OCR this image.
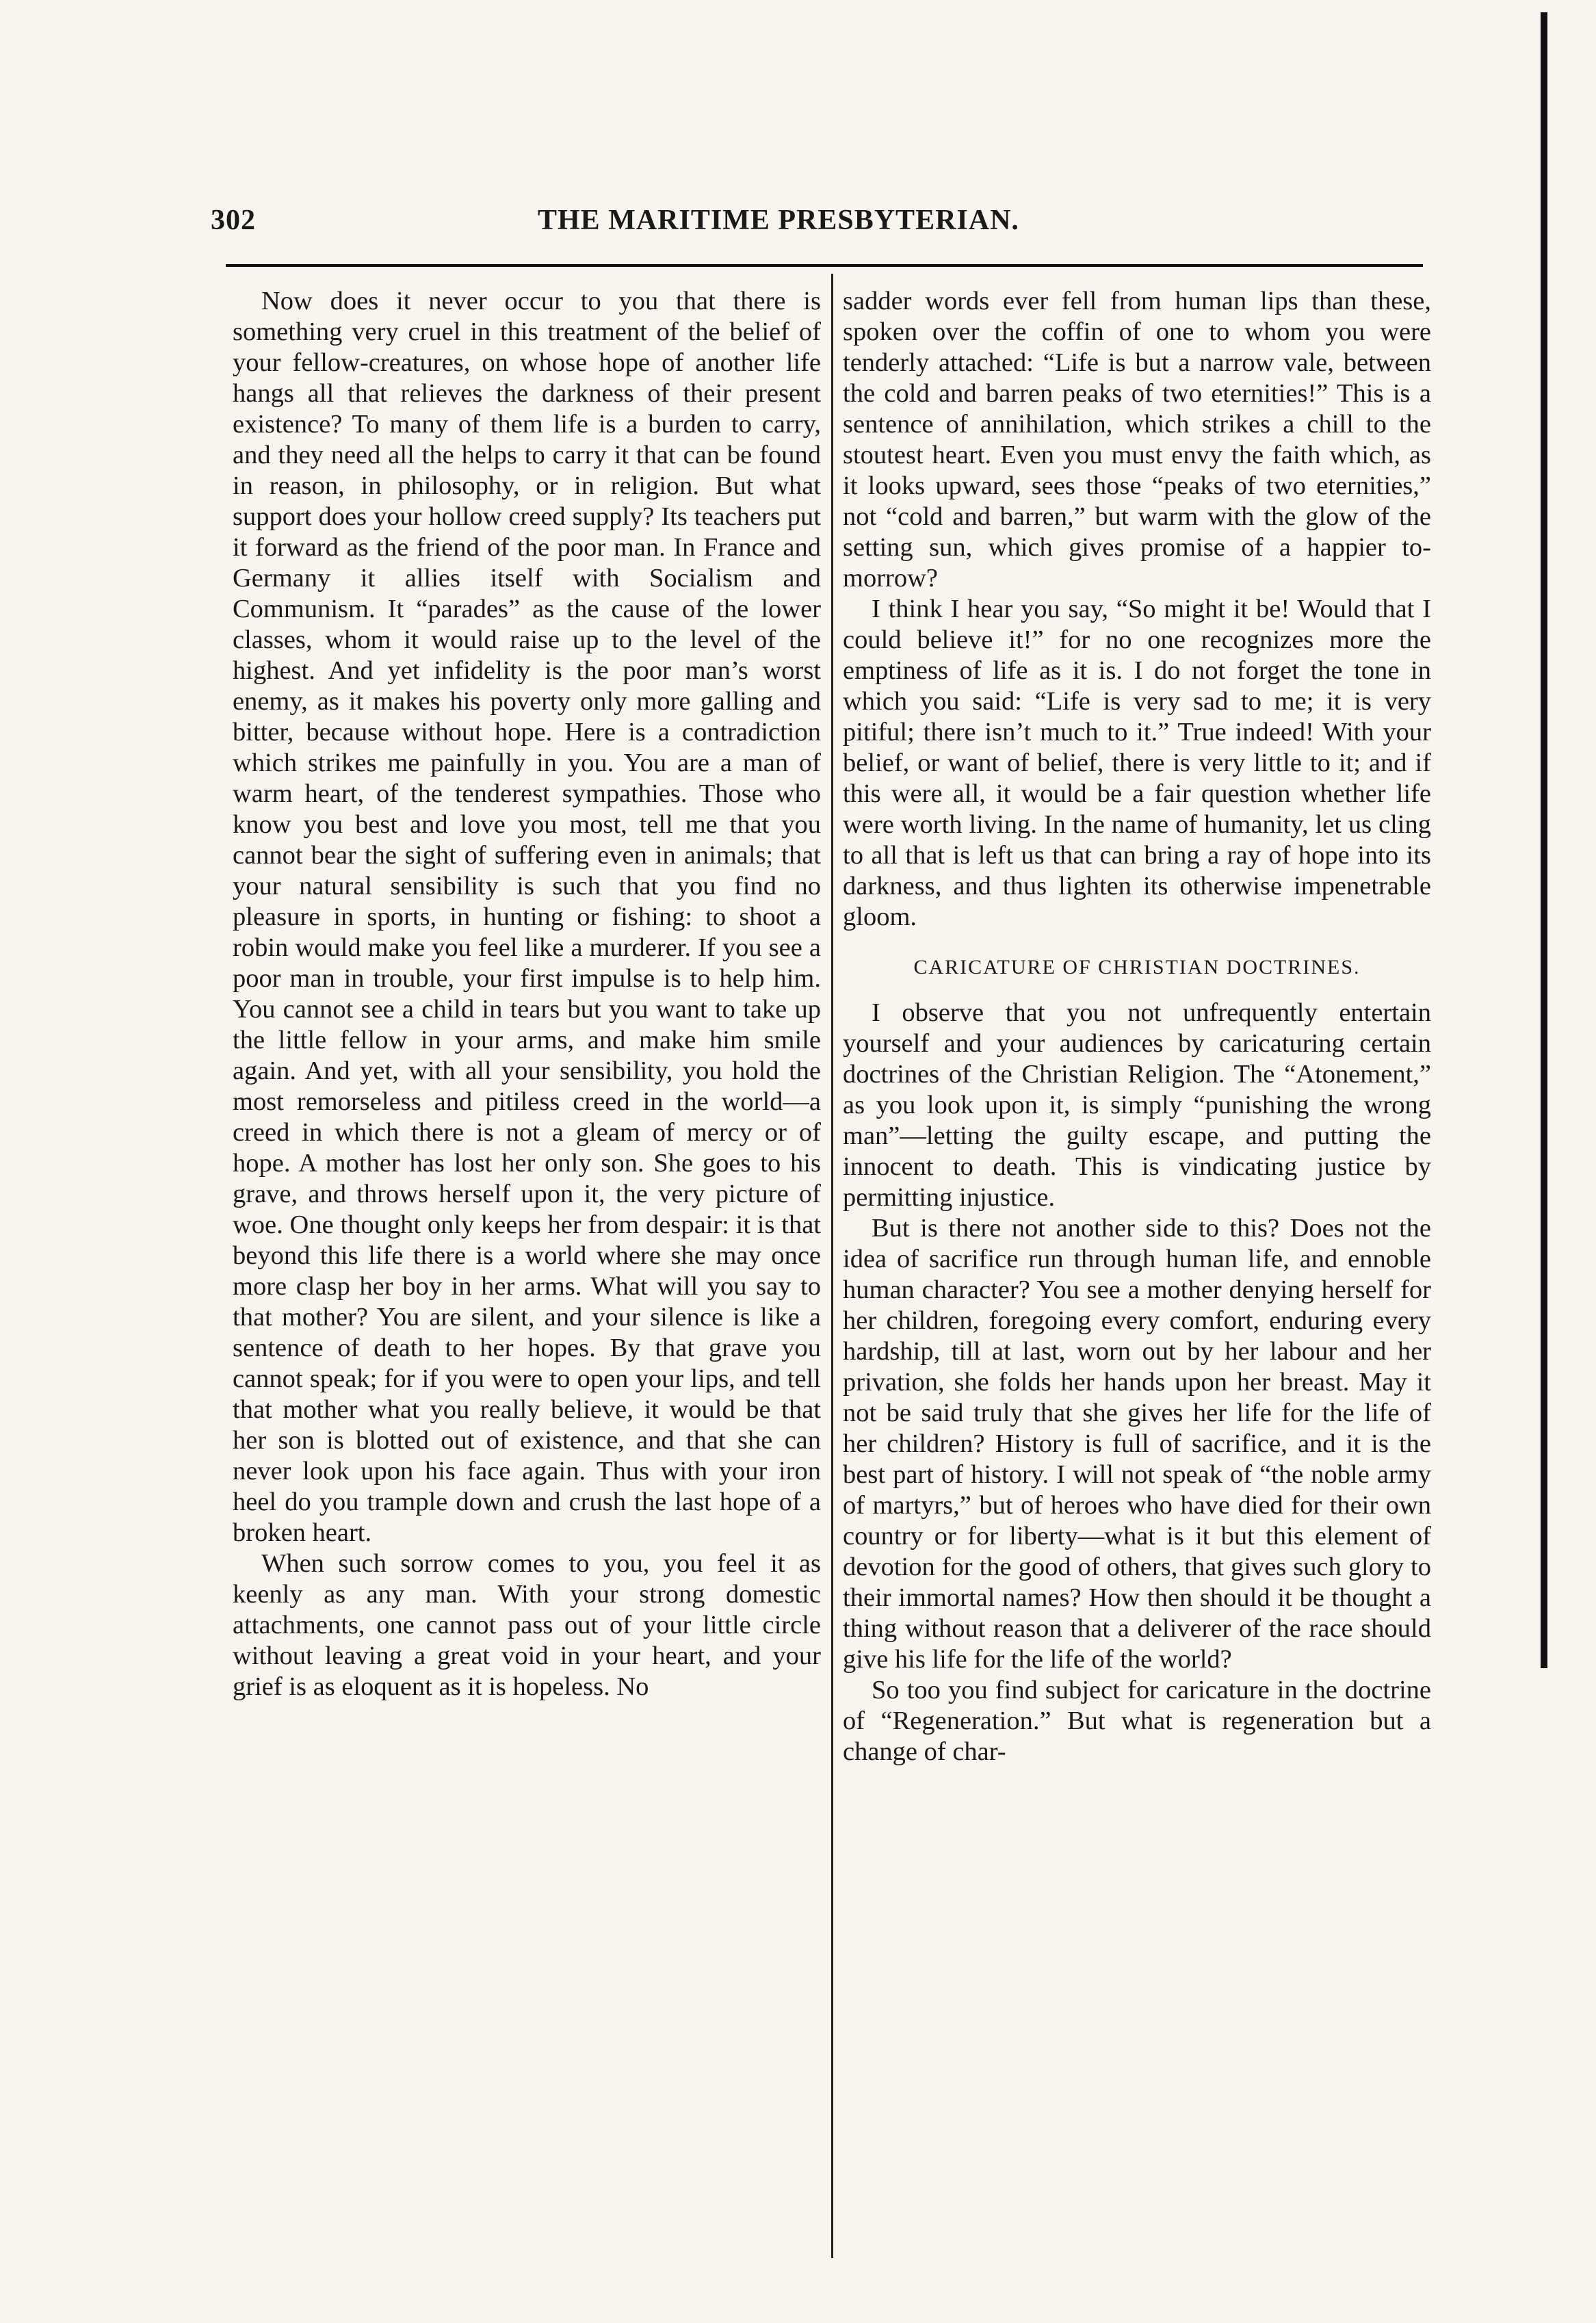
302	THE MARITIME PRESBYTERIAN.

Now does it never occur to you that there is something very cruel in this treatment of the belief of your fellow-creatures, on whose hope of another life hangs all that relieves the darkness of their present existence? To many of them life is a burden to carry, and they need all the helps to carry it that can be found in reason, in philosophy, or in religion. But what support does your hollow creed supply? Its teachers put it forward as the friend of the poor man. In France and Germany it allies itself with Socialism and Communism. It “parades” as the cause of the lower classes, whom it would raise up to the level of the highest. And yet infidelity is the poor man’s worst enemy, as it makes his poverty only more galling and bitter, because without hope. Here is a contradiction which strikes me painfully in you. You are a man of warm heart, of the tenderest sympathies. Those who know you best and love you most, tell me that you cannot bear the sight of suffering even in animals; that your natural sensibility is such that you find no pleasure in sports, in hunting or fishing: to shoot a robin would make you feel like a murderer. If you see a poor man in trouble, your first impulse is to help him. You cannot see a child in tears but you want to take up the little fellow in your arms, and make him smile again. And yet, with all your sensibility, you hold the most remorseless and pitiless creed in the world—a creed in which there is not a gleam of mercy or of hope. A mother has lost her only son. She goes to his grave, and throws herself upon it, the very picture of woe. One thought only keeps her from despair: it is that beyond this life there is a world where she may once more clasp her boy in her arms. What will you say to that mother? You are silent, and your silence is like a sentence of death to her hopes. By that grave you cannot speak; for if you were to open your lips, and tell that mother what you really believe, it would be that her son is blotted out of existence, and that she can never look upon his face again. Thus with your iron heel do you trample down and crush the last hope of a broken heart.

When such sorrow comes to you, you feel it as keenly as any man. With your strong domestic attachments, one cannot pass out of your little circle without leaving a great void in your heart, and your grief is as eloquent as it is hopeless. No

sadder words ever fell from human lips than these, spoken over the coffin of one to whom you were tenderly attached: “Life is but a narrow vale, between the cold and barren peaks of two eternities!” This is a sentence of annihilation, which strikes a chill to the stoutest heart. Even you must envy the faith which, as it looks upward, sees those “peaks of two eternities,” not “cold and barren,” but warm with the glow of the setting sun, which gives promise of a happier to-morrow?

I think I hear you say, “So might it be! Would that I could believe it!” for no one recognizes more the emptiness of life as it is. I do not forget the tone in which you said: “Life is very sad to me; it is very pitiful; there isn’t much to it.” True indeed! With your belief, or want of belief, there is very little to it; and if this were all, it would be a fair question whether life were worth living. In the name of humanity, let us cling to all that is left us that can bring a ray of hope into its darkness, and thus lighten its otherwise impenetrable gloom.

CARICATURE OF CHRISTIAN DOCTRINES.

I observe that you not unfrequently entertain yourself and your audiences by caricaturing certain doctrines of the Christian Religion. The “Atonement,” as you look upon it, is simply “punishing the wrong man”—letting the guilty escape, and putting the innocent to death. This is vindicating justice by permitting injustice.

But is there not another side to this? Does not the idea of sacrifice run through human life, and ennoble human character? You see a mother denying herself for her children, foregoing every comfort, enduring every hardship, till at last, worn out by her labour and her privation, she folds her hands upon her breast. May it not be said truly that she gives her life for the life of her children? History is full of sacrifice, and it is the best part of history. I will not speak of “the noble army of martyrs,” but of heroes who have died for their own country or for liberty—what is it but this element of devotion for the good of others, that gives such glory to their immortal names? How then should it be thought a thing without reason that a deliverer of the race should give his life for the life of the world?

So too you find subject for caricature in the doctrine of “Regeneration.” But what is regeneration but a change of char-
